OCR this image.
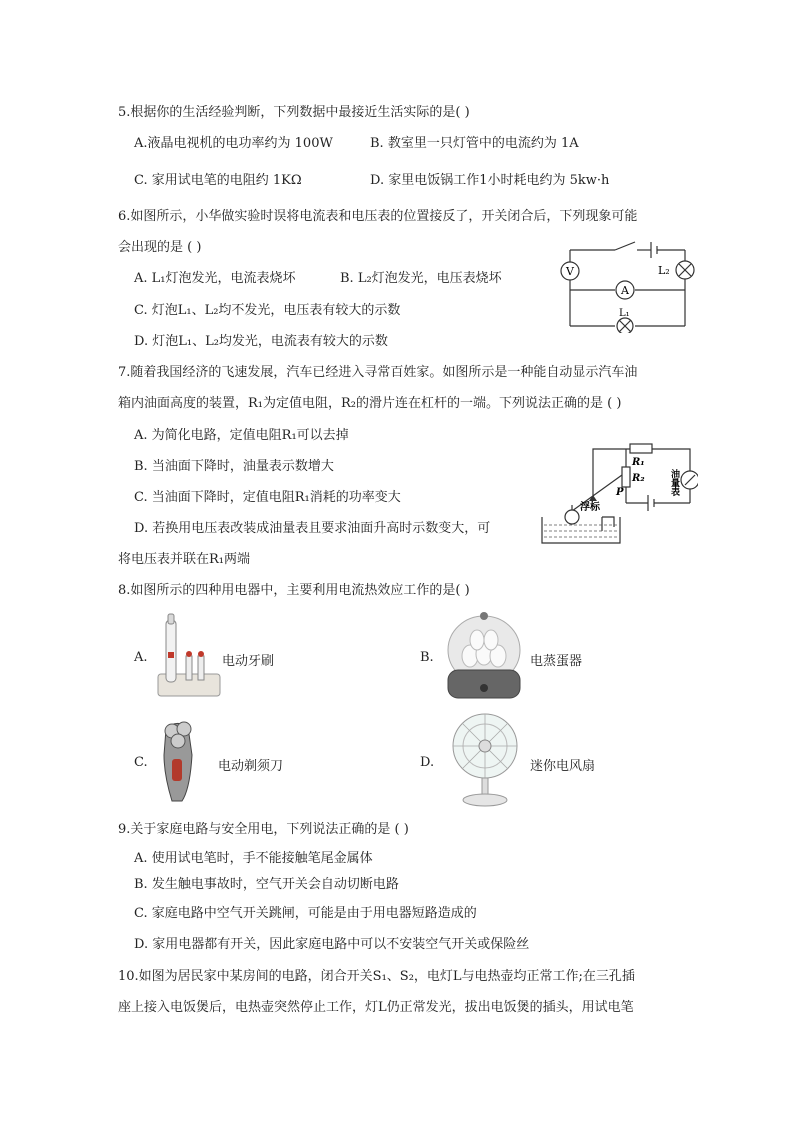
5.根据你的生活经验判断，下列数据中最接近生活实际的是( )
A.液晶电视机的电功率约为 100W	B. 教室里一只灯管中的电流约为 1A
C. 家用试电笔的电阻约 1KΩ	D. 家里电饭锅工作1小时耗电约为 5kw·h
6.如图所示，小华做实验时误将电流表和电压表的位置接反了，开关闭合后，下列现象可能
会出现的是 ( )
A. L₁灯泡发光，电流表烧坏	B. L₂灯泡发光，电压表烧坏
C. 灯泡L₁、L₂均不发光，电压表有较大的示数
D. 灯泡L₁、L₂均发光，电流表有较大的示数
V	L₂
A
L₁
7.随着我国经济的飞速发展，汽车已经进入寻常百姓家。如图所示是一种能自动显示汽车油
箱内油面高度的装置，R₁为定值电阻，R₂的滑片连在杠杆的一端。下列说法正确的是 ( )
A. 为简化电路，定值电阻R₁可以去掉
B. 当油面下降时，油量表示数增大
C. 当油面下降时，定值电阻R₁消耗的功率变大
D. 若换用电压表改装成油量表且要求油面升高时示数变大，可
将电压表并联在R₁两端
R₁
R₂
P
浮标
油量表
8.如图所示的四种用电器中，主要利用电流热效应工作的是( )
A.	电动牙刷	B.	电蒸蛋器
C.	电动剃须刀	D.	迷你电风扇
9.关于家庭电路与安全用电，下列说法正确的是 ( )
A. 使用试电笔时，手不能接触笔尾金属体
B. 发生触电事故时，空气开关会自动切断电路
C. 家庭电路中空气开关跳闸，可能是由于用电器短路造成的
D. 家用电器都有开关，因此家庭电路中可以不安装空气开关或保险丝
10.如图为居民家中某房间的电路，闭合开关S₁、S₂，电灯L与电热壶均正常工作;在三孔插
座上接入电饭煲后，电热壶突然停止工作，灯L仍正常发光，拔出电饭煲的插头，用试电笔
